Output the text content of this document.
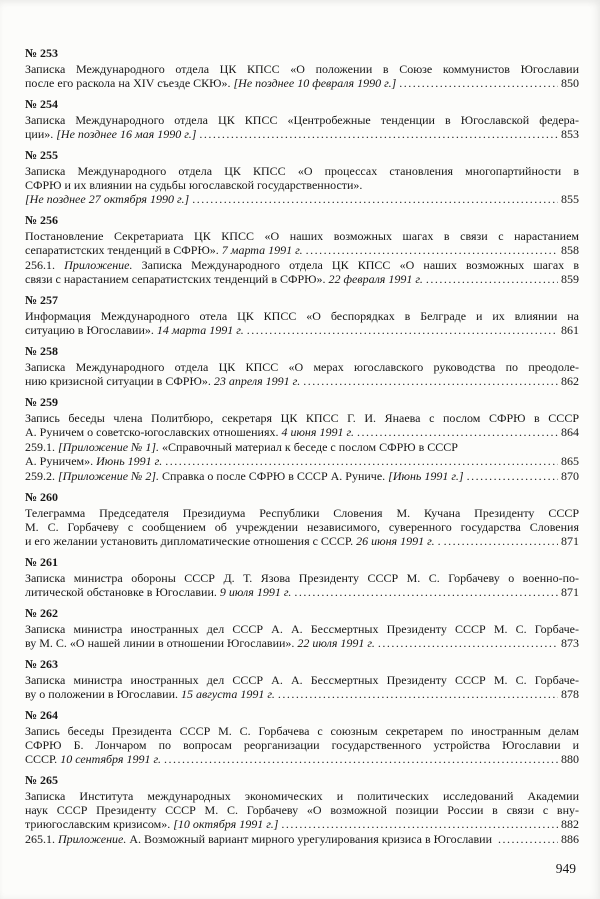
№ 253
Записка Международного отдела ЦК КПСС «О положении в Союзе коммунистов Югославии
после его раскола на XIV съезде СКЮ». [Не позднее 10 февраля 1990 г.] .....	850
№ 254
Записка Международного отдела ЦК КПСС «Центробежные тенденции в Югославской федера-
ции». [Не позднее 16 мая 1990 г.] .....	853
№ 255
Записка Международного отдела ЦК КПСС «О процессах становления многопартийности в
СФРЮ и их влиянии на судьбы югославской государственности».
[Не позднее 27 октября 1990 г.] .....	855
№ 256
Постановление Секретариата ЦК КПСС «О наших возможных шагах в связи с нарастанием
сепаратистских тенденций в СФРЮ». 7 марта 1991 г. .....	858
256.1. Приложение. Записка Международного отдела ЦК КПСС «О наших возможных шагах в
связи с нарастанием сепаратистских тенденций в СФРЮ». 22 февраля 1991 г. .....	859
№ 257
Информация Международного отела ЦК КПСС «О беспорядках в Белграде и их влиянии на
ситуацию в Югославии». 14 марта 1991 г. .....	861
№ 258
Записка Международного отдела ЦК КПСС «О мерах югославского руководства по преодоле-
нию кризисной ситуации в СФРЮ». 23 апреля 1991 г. .....	862
№ 259
Запись беседы члена Политбюро, секретаря ЦК КПСС Г. И. Янаева с послом СФРЮ в СССР
А. Руничем о советско-югославских отношениях. 4 июня 1991 г. .....	864
259.1. [Приложение № 1]. «Справочный материал к беседе с послом СФРЮ в СССР
А. Руничем». Июнь 1991 г. .....	865
259.2. [Приложение № 2]. Справка о после СФРЮ в СССР А. Руниче. [Июнь 1991 г.] .....	870
№ 260
Телеграмма Председателя Президиума Республики Словения М. Кучана Президенту СССР
М. С. Горбачеву с сообщением об учреждении независимого, суверенного государства Словения
и его желании установить дипломатические отношения с СССР. 26 июня 1991 г. . .....	871
№ 261
Записка министра обороны СССР Д. Т. Язова Президенту СССР М. С. Горбачеву о военно-по-
литической обстановке в Югославии. 9 июля 1991 г. .....	871
№ 262
Записка министра иностранных дел СССР А. А. Бессмертных Президенту СССР М. С. Горбаче-
ву М. С. «О нашей линии в отношении Югославии». 22 июля 1991 г. .....	873
№ 263
Записка министра иностранных дел СССР А. А. Бессмертных Президенту СССР М. С. Горбаче-
ву о положении в Югославии. 15 августа 1991 г. .....	878
№ 264
Запись беседы Президента СССР М. С. Горбачева с союзным секретарем по иностранным делам
СФРЮ Б. Лончаром по вопросам реорганизации государственного устройства Югославии и
СССР. 10 сентября 1991 г. .....	880
№ 265
Записка Института международных экономических и политических исследований Академии
наук СССР Президенту СССР М. С. Горбачеву «О возможной позиции России в связи с вну-
триюгославским кризисом». [10 октября 1991 г.] .....	882
265.1. Приложение. А. Возможный вариант мирного урегулирования кризиса в Югославии .....	886
949
